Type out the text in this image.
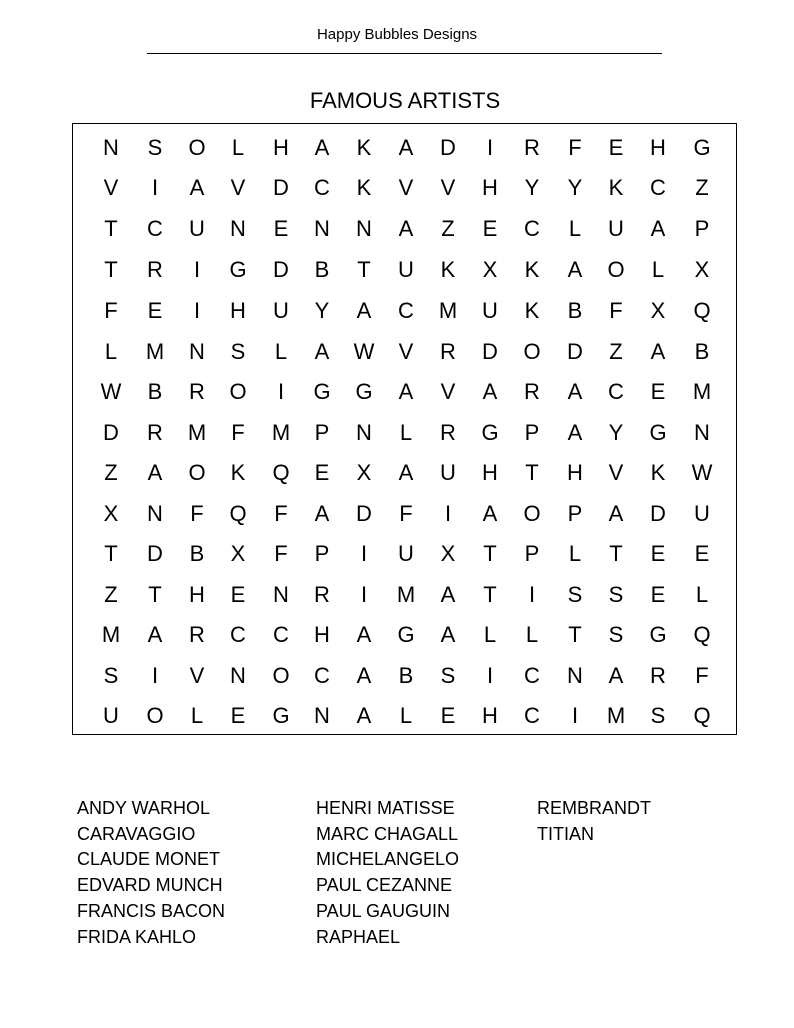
Happy Bubbles Designs
FAMOUS ARTISTS
N	S	O	L	H	A	K	A	D	I	R	F	E	H	G
V	I	A	V	D	C	K	V	V	H	Y	Y	K	C	Z
T	C	U	N	E	N	N	A	Z	E	C	L	U	A	P
T	R	I	G	D	B	T	U	K	X	K	A	O	L	X
F	E	I	H	U	Y	A	C	M	U	K	B	F	X	Q
L	M	N	S	L	A	W	V	R	D	O	D	Z	A	B
W	B	R	O	I	G	G	A	V	A	R	A	C	E	M
D	R	M	F	M	P	N	L	R	G	P	A	Y	G	N
Z	A	O	K	Q	E	X	A	U	H	T	H	V	K	W
X	N	F	Q	F	A	D	F	I	A	O	P	A	D	U
T	D	B	X	F	P	I	U	X	T	P	L	T	E	E
Z	T	H	E	N	R	I	M	A	T	I	S	S	E	L
M	A	R	C	C	H	A	G	A	L	L	T	S	G	Q
S	I	V	N	O	C	A	B	S	I	C	N	A	R	F
U	O	L	E	G	N	A	L	E	H	C	I	M	S	Q
ANDY WARHOL
CARAVAGGIO
CLAUDE MONET
EDVARD MUNCH
FRANCIS BACON
FRIDA KAHLO
HENRI MATISSE
MARC CHAGALL
MICHELANGELO
PAUL CEZANNE
PAUL GAUGUIN
RAPHAEL
REMBRANDT
TITIAN
